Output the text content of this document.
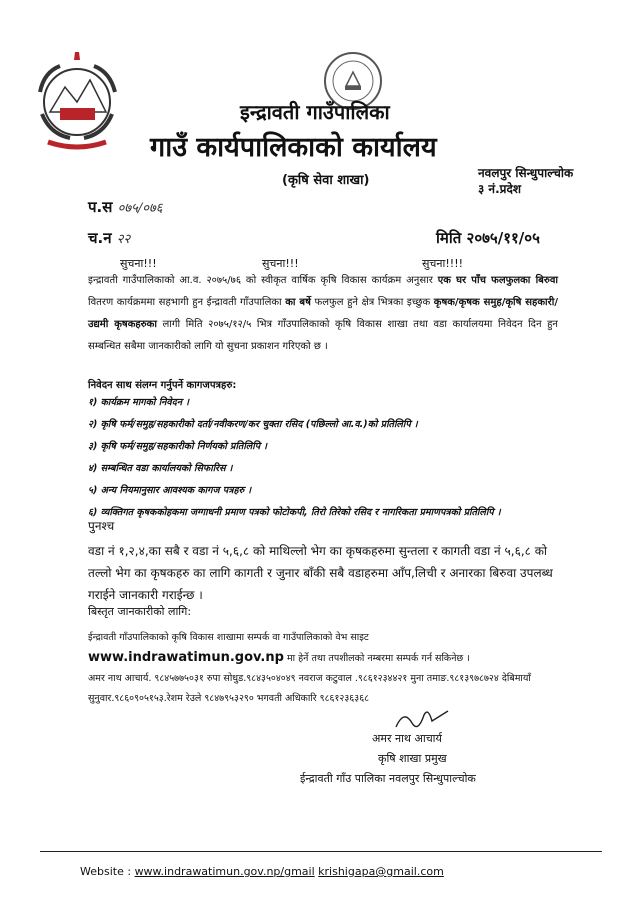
इन्द्रावती गाउँपालिका
गाउँ कार्यपालिकाको कार्यालय
(कृषि सेवा शाखा)	नवलपुर सिन्धुपाल्चोक
३ नं.प्रदेश
प.स ०७५/०७६
च.न २२	मिति २०७५/११/०५
सुचना!!!	सुचना!!!	सुचना!!!!
इन्द्रावती गाउँपालिकाको आ.व. २०७५/७६ को स्वीकृत वार्षिक कृषि विकास कार्यक्रम अनुसार एक घर पाँच फलफुलका बिरुवा वितरण कार्यक्रममा सहभागी हुन ईन्द्रावती गाँउपालिका का बर्षे फलफुल हुने क्षेत्र भित्रका इच्छुक कृषक/कृषक समुह/कृषि सहकारी/उद्यमी कृषकहरुका लागी मिति २०७५/१२/५ भित्र गाँउपालिकाको कृषि विकास शाखा तथा वडा कार्यालयमा निवेदन दिन हुन सम्बन्धित सबैमा जानकारीको लागि यो सुचना प्रकाशन गरिएको छ ।
निवेदन साथ संलग्न गर्नुपर्ने कागजपत्रहरु:
१) कार्यक्रम मागको निवेदन ।
२) कृषि फर्म/समुह/सहकारीको दर्ता/नवीकरण/कर चुक्ता रसिद (पछिल्लो आ.व.)को प्रतिलिपि ।
३) कृषि फर्म/समुह/सहकारीको निर्णयको प्रतिलिपि ।
४) सम्बन्धित वडा कार्यालयको सिफारिस ।
५) अन्य नियमानुसार आवश्यक कागज पत्रहरु ।
६) व्यक्तिगत कृषककोहकमा जग्गाधनी प्रमाण पत्रको फोटोकपी, तिरो तिरेको रसिद र नागरिकता प्रमाणपत्रको प्रतिलिपि ।
पुनश्च
वडा नं १,२,४,का सबै र वडा नं ५,६,८ को माथिल्लो भेग का कृषकहरुमा सुन्तला र कागती वडा नं ५,६,८ को तल्लो भेग का कृषकहरु का लागि कागती र जुनार बाँकी सबै वडाहरुमा आँप,लिची र अनारका बिरुवा उपलब्ध गराईने जानकारी गराईन्छ ।
बिस्तृत जानकारीको लागि:
ईन्द्रावती गाँउपालिकाको कृषि विकास शाखामा सम्पर्क वा गाउँपालिकाको वेभ साइट
www.indrawatimun.gov.np मा हेर्ने तथा तपशीलको नम्बरमा सम्पर्क गर्न सकिनेछ ।
अमर नाथ आचार्य. ९८४५७७५०३१ रुपा सोधुड.९८४३५०४०४९ नवराज कटुवाल .९८६१२३४४२१ मुना तमाङ.९८१३९७८७२४ देबिमायाँ सुनुवार.९८६०९०५१५३.रेशम रेउले ९८४७९५३२९० भगवती अधिकारि ९८६१२३६३६८
अमर नाथ आचार्य
कृषि शाखा प्रमुख
ईन्द्रावती गाँउ पालिका नवलपुर सिन्धुपाल्चोक
Website : www.indrawatimun.gov.np/gmail krishigapa@gmail.com
